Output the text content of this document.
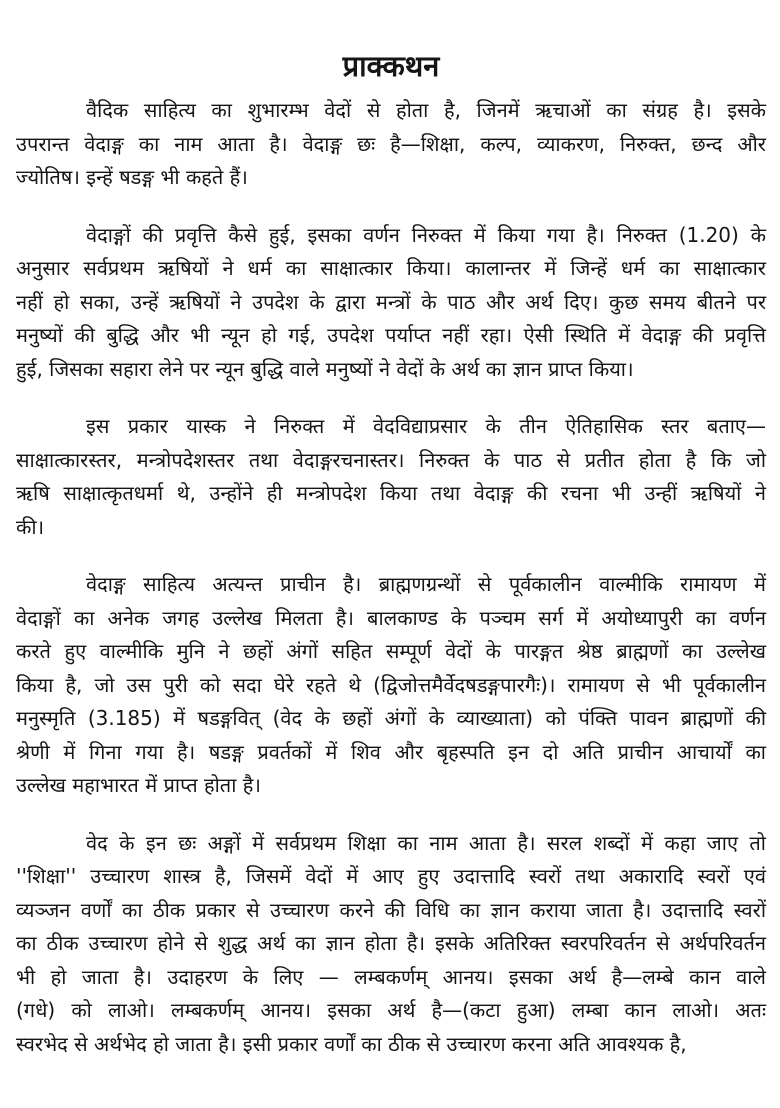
प्राक्कथन

वैदिक साहित्य का शुभारम्भ वेदों से होता है, जिनमें ऋचाओं का संग्रह है। इसके
उपरान्त वेदाङ्ग का नाम आता है। वेदाङ्ग छः है—शिक्षा, कल्प, व्याकरण, निरुक्त, छन्द और
ज्योतिष। इन्हें षडङ्ग भी कहते हैं।

वेदाङ्गों की प्रवृत्ति कैसे हुई, इसका वर्णन निरुक्त में किया गया है। निरुक्त (1.20) के
अनुसार सर्वप्रथम ऋषियों ने धर्म का साक्षात्कार किया। कालान्तर में जिन्हें धर्म का साक्षात्कार
नहीं हो सका, उन्हें ऋषियों ने उपदेश के द्वारा मन्त्रों के पाठ और अर्थ दिए। कुछ समय बीतने पर
मनुष्यों की बुद्धि और भी न्यून हो गई, उपदेश पर्याप्त नहीं रहा। ऐसी स्थिति में वेदाङ्ग की प्रवृत्ति
हुई, जिसका सहारा लेने पर न्यून बुद्धि वाले मनुष्यों ने वेदों के अर्थ का ज्ञान प्राप्त किया।

इस प्रकार यास्क ने निरुक्त में वेदविद्याप्रसार के तीन ऐतिहासिक स्तर बताए—
साक्षात्कारस्तर, मन्त्रोपदेशस्तर तथा वेदाङ्गरचनास्तर। निरुक्त के पाठ से प्रतीत होता है कि जो
ऋषि साक्षात्कृतधर्मा थे, उन्होंने ही मन्त्रोपदेश किया तथा वेदाङ्ग की रचना भी उन्हीं ऋषियों ने
की।

वेदाङ्ग साहित्य अत्यन्त प्राचीन है। ब्राह्मणग्रन्थों से पूर्वकालीन वाल्मीकि रामायण में
वेदाङ्गों का अनेक जगह उल्लेख मिलता है। बालकाण्ड के पञ्चम सर्ग में अयोध्यापुरी का वर्णन
करते हुए वाल्मीकि मुनि ने छहों अंगों सहित सम्पूर्ण वेदों के पारङ्गत श्रेष्ठ ब्राह्मणों का उल्लेख
किया है, जो उस पुरी को सदा घेरे रहते थे (द्विजोत्तमैर्वेदषडङ्गपारगैः)। रामायण से भी पूर्वकालीन
मनुस्मृति (3.185) में षडङ्गवित् (वेद के छहों अंगों के व्याख्याता) को पंक्ति पावन ब्राह्मणों की
श्रेणी में गिना गया है। षडङ्ग प्रवर्तकों में शिव और बृहस्पति इन दो अति प्राचीन आचार्यों का
उल्लेख महाभारत में प्राप्त होता है।

वेद के इन छः अङ्गों में सर्वप्रथम शिक्षा का नाम आता है। सरल शब्दों में कहा जाए तो
''शिक्षा'' उच्चारण शास्त्र है, जिसमें वेदों में आए हुए उदात्तादि स्वरों तथा अकारादि स्वरों एवं
व्यञ्जन वर्णों का ठीक प्रकार से उच्चारण करने की विधि का ज्ञान कराया जाता है। उदात्तादि स्वरों
का ठीक उच्चारण होने से शुद्ध अर्थ का ज्ञान होता है। इसके अतिरिक्त स्वरपरिवर्तन से अर्थपरिवर्तन
भी हो जाता है। उदाहरण के लिए — लम्बकर्णम् आनय। इसका अर्थ है—लम्बे कान वाले
(गधे) को लाओ। लम्बकर्णम् आनय। इसका अर्थ है—(कटा हुआ) लम्बा कान लाओ। अतः
स्वरभेद से अर्थभेद हो जाता है। इसी प्रकार वर्णों का ठीक से उच्चारण करना अति आवश्यक है,
